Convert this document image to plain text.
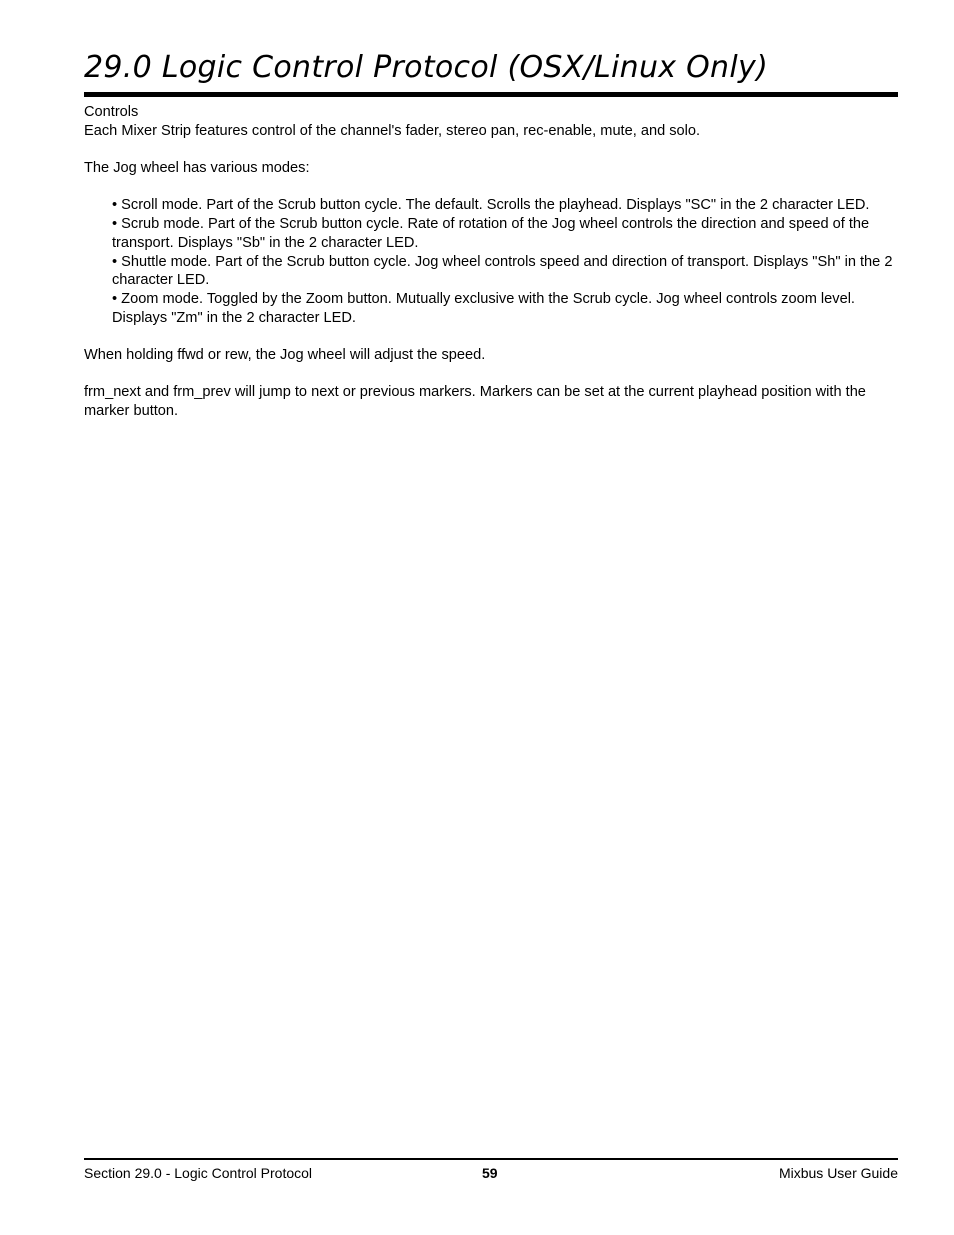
29.0 Logic Control Protocol (OSX/Linux Only)

Controls

Each Mixer Strip features control of the channel's fader, stereo pan, rec-enable, mute, and solo.

The Jog wheel has various modes:

• Scroll mode. Part of the Scrub button cycle. The default. Scrolls the playhead. Displays "SC" in the 2 character LED.
• Scrub mode. Part of the Scrub button cycle. Rate of rotation of the Jog wheel controls the direction and speed of the transport. Displays "Sb" in the 2 character LED.
• Shuttle mode. Part of the Scrub button cycle. Jog wheel controls speed and direction of transport. Displays "Sh" in the 2 character LED.
• Zoom mode. Toggled by the Zoom button. Mutually exclusive with the Scrub cycle. Jog wheel controls zoom level. Displays "Zm" in the 2 character LED.

When holding ffwd or rew, the Jog wheel will adjust the speed.

frm_next and frm_prev will jump to next or previous markers. Markers can be set at the current playhead position with the marker button.

Section 29.0 - Logic Control Protocol	59	Mixbus User Guide
